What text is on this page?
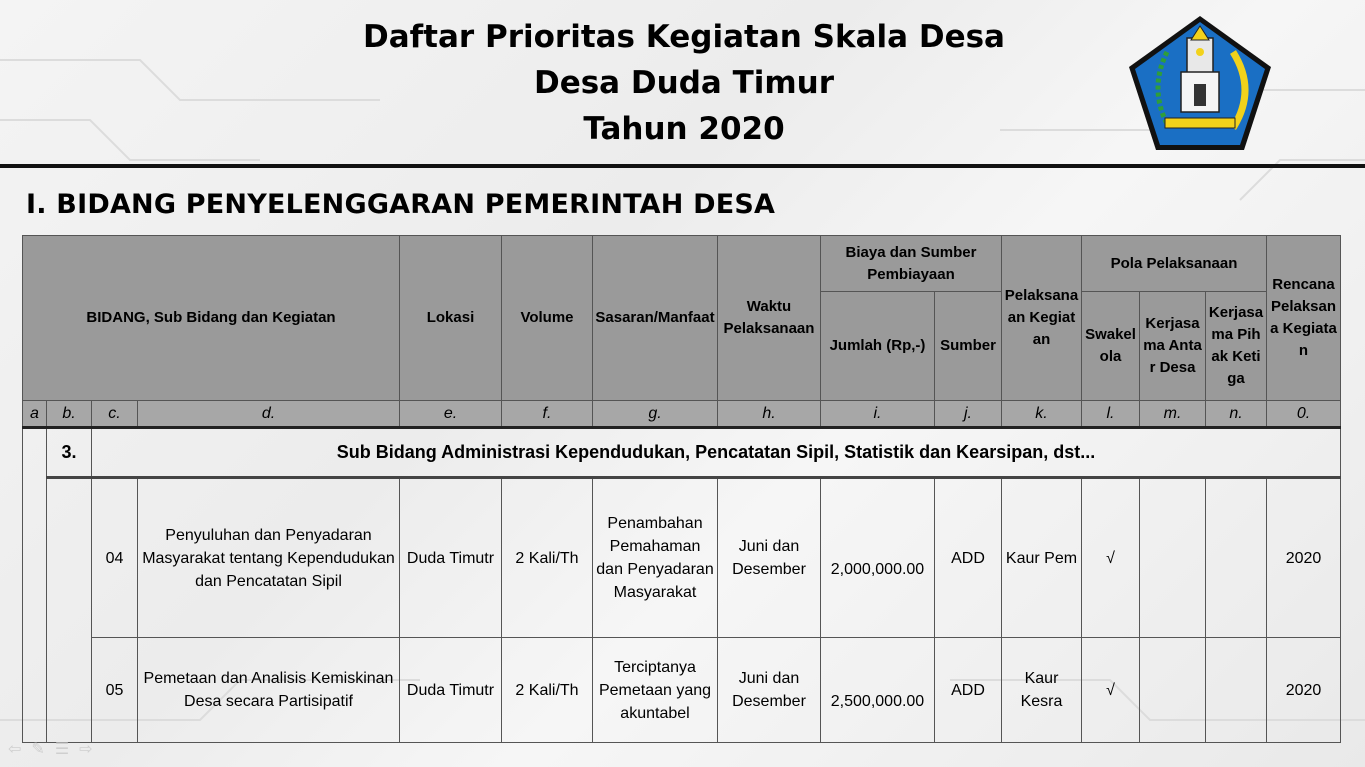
Daftar Prioritas Kegiatan Skala Desa
Desa Duda Timur
Tahun 2020
I. BIDANG PENYELENGGARAN PEMERINTAH DESA
BIDANG, Sub Bidang dan Kegiatan				Lokasi	Volume	Sasaran/Manfaat	Waktu Pelaksanaan	Biaya dan Sumber Pembiayaan		Pelaksanaan Kegiatan	Pola Pelaksanaan			Rencana Pelaksana Kegiatan
								Jumlah (Rp,-)	Sumber		Swakelola	Kerjasama Antar Desa	Kerjasama Pihak Ketiga	
a	b.	c.	d.	e.	f.	g.	h.	i.	j.	k.	l.	m.	n.	0.
	3.	Sub Bidang Administrasi Kependudukan, Pencatatan Sipil, Statistik dan Kearsipan, dst...												
		04	Penyuluhan dan Penyadaran Masyarakat tentang Kependudukan dan Pencatatan Sipil	Duda Timutr	2 Kali/Th	Penambahan Pemahaman dan Penyadaran Masyarakat	Juni dan Desember	2,000,000.00	ADD	Kaur Pem	√			2020
		05	Pemetaan dan Analisis Kemiskinan Desa secara Partisipatif	Duda Timutr	2 Kali/Th	Terciptanya Pemetaan yang akuntabel	Juni dan Desember	2,500,000.00	ADD	Kaur Kesra	√			2020
⇦ ✎ ☰ ⇨
